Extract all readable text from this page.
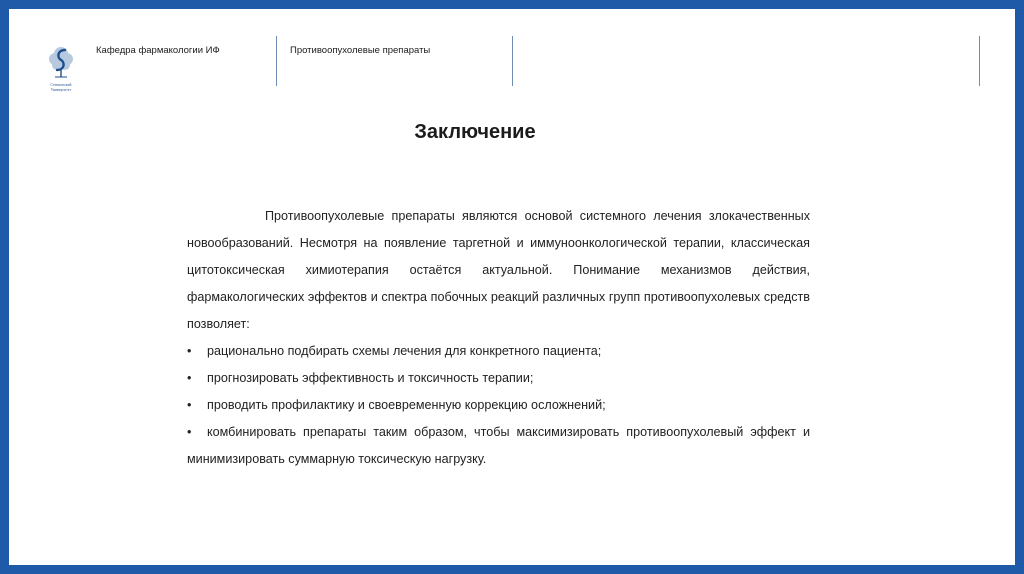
Сеченовский
Университет
Кафедра фармакологии ИФ	Противоопухолевые препараты
Заключение

Противоопухолевые препараты являются основой системного лечения злокачественных новообразований. Несмотря на появление таргетной и иммуноонкологической терапии, классическая цитотоксическая химиотерапия остаётся актуальной. Понимание механизмов действия, фармакологических эффектов и спектра побочных реакций различных групп противоопухолевых средств позволяет:

• рационально подбирать схемы лечения для конкретного пациента;
• прогнозировать эффективность и токсичность терапии;
• проводить профилактику и своевременную коррекцию осложнений;
• комбинировать препараты таким образом, чтобы максимизировать противоопухолевый эффект и минимизировать суммарную токсическую нагрузку.
